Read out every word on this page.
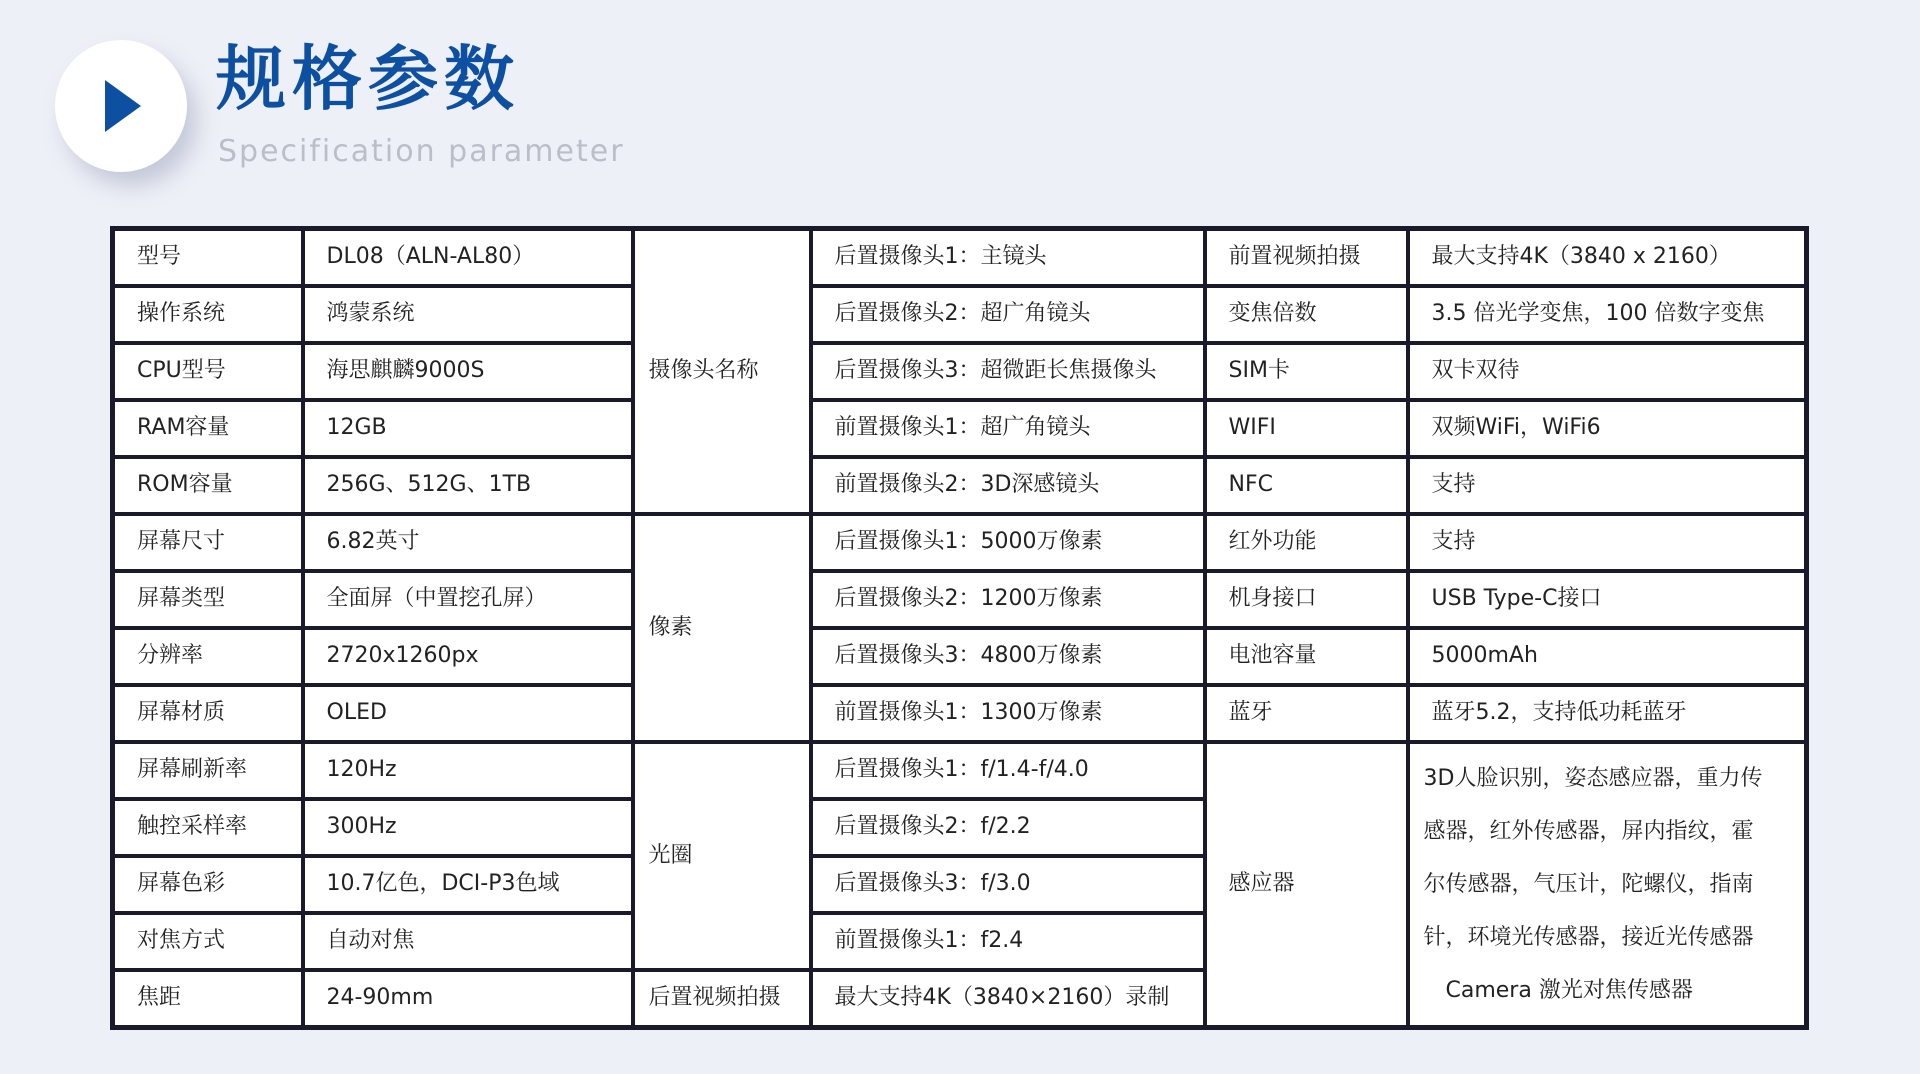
规格参数
Specification parameter
型号	DL08（ALN-AL80）	摄像头名称	后置摄像头1：主镜头	前置视频拍摄	最大支持4K（3840 x 2160）
操作系统	鸿蒙系统		后置摄像头2：超广角镜头	变焦倍数	3.5 倍光学变焦，100 倍数字变焦
CPU型号	海思麒麟9000S		后置摄像头3：超微距长焦摄像头	SIM卡	双卡双待
RAM容量	12GB		前置摄像头1：超广角镜头	WIFI	双频WiFi，WiFi6
ROM容量	256G、512G、1TB		前置摄像头2：3D深感镜头	NFC	支持
屏幕尺寸	6.82英寸	像素	后置摄像头1：5000万像素	红外功能	支持
屏幕类型	全面屏（中置挖孔屏）		后置摄像头2：1200万像素	机身接口	USB Type-C接口
分辨率	2720x1260px		后置摄像头3：4800万像素	电池容量	5000mAh
屏幕材质	OLED		前置摄像头1：1300万像素	蓝牙	蓝牙5.2，支持低功耗蓝牙
屏幕刷新率	120Hz	光圈	后置摄像头1：f/1.4-f/4.0	感应器	3D人脸识别，姿态感应器，重力传
感器，红外传感器，屏内指纹，霍
尔传感器，气压计，陀螺仪，指南
针，环境光传感器，接近光传感器
Camera 激光对焦传感器

触控采样率	300Hz		后置摄像头2：f/2.2		
屏幕色彩	10.7亿色，DCI-P3色域		后置摄像头3：f/3.0		
对焦方式	自动对焦		前置摄像头1：f2.4		
焦距	24-90mm	后置视频拍摄	最大支持4K（3840×2160）录制		
